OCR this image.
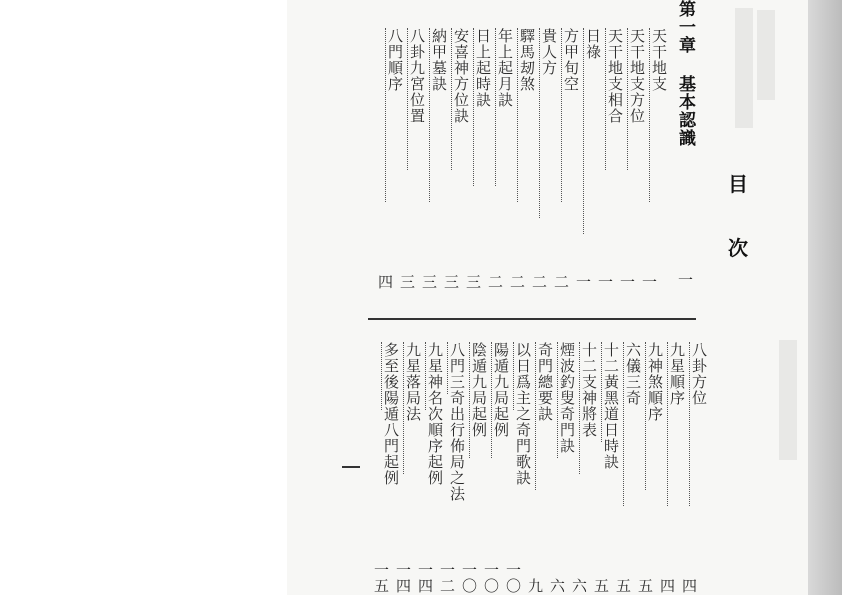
目
次
第一章 基本認識
天干地支
一
天干地支方位
一
天干地支相合
一
日祿
一
方甲旬空
二
貴人方
二
驛馬刼煞
二
年上起月訣
二
日上起時訣
三
安喜神方位訣
三
納甲墓訣
三
八卦九宮位置
三
八門順序
四
八卦方位
四
九星順序
四
九神煞順序
五
六儀三奇
五
十二黃黑道日時訣
五
十二支神將表
六
煙波釣叟奇門訣
六
奇門總要訣
九
以日爲主之奇門歌訣
一〇
陽遁九局起例
一〇
陰遁九局起例
一〇
八門三奇出行佈局之法
一二
九星神名次順序起例
一四
九星落局法
一四
多至後陽遁八門起例
一五
一
